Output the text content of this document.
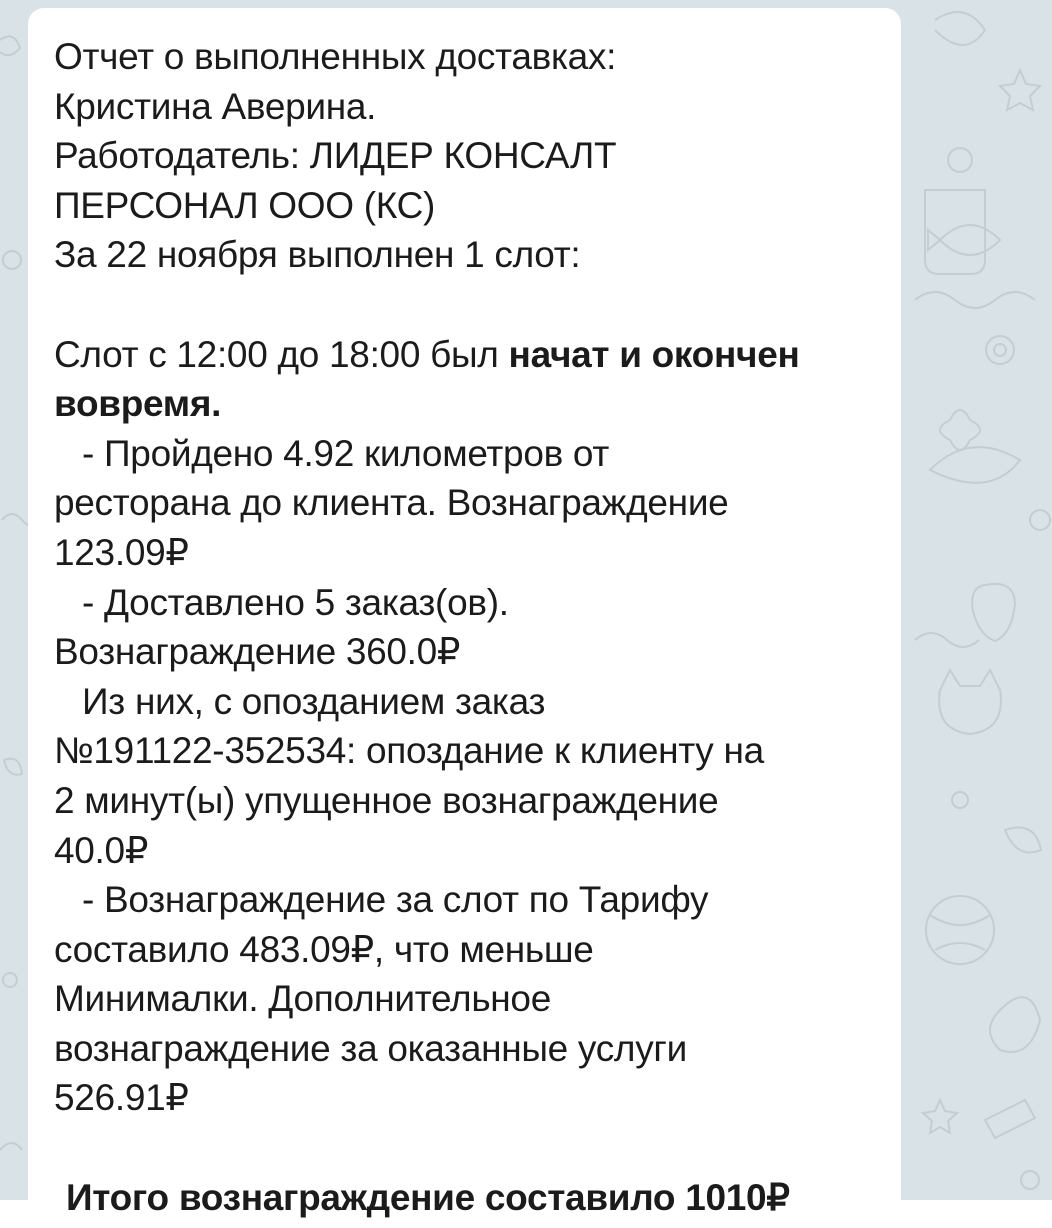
Отчет о выполненных доставках:
Кристина Аверина.
Работодатель: ЛИДЕР КОНСАЛТ
ПЕРСОНАЛ ООО (КС)
За 22 ноября выполнен 1 слот:
Слот с 12:00 до 18:00 был начат и окончен
вовремя.
- Пройдено 4.92 километров от
ресторана до клиента. Вознаграждение
123.09₽
- Доставлено 5 заказ(ов).
Вознаграждение 360.0₽
Из них, с опозданием заказ
№191122-352534: опоздание к клиенту на
2 минут(ы) упущенное вознаграждение
40.0₽
- Вознаграждение за слот по Тарифу
составило 483.09₽, что меньше
Минималки. Дополнительное
вознаграждение за оказанные услуги
526.91₽
Итого вознаграждение составило 1010₽
